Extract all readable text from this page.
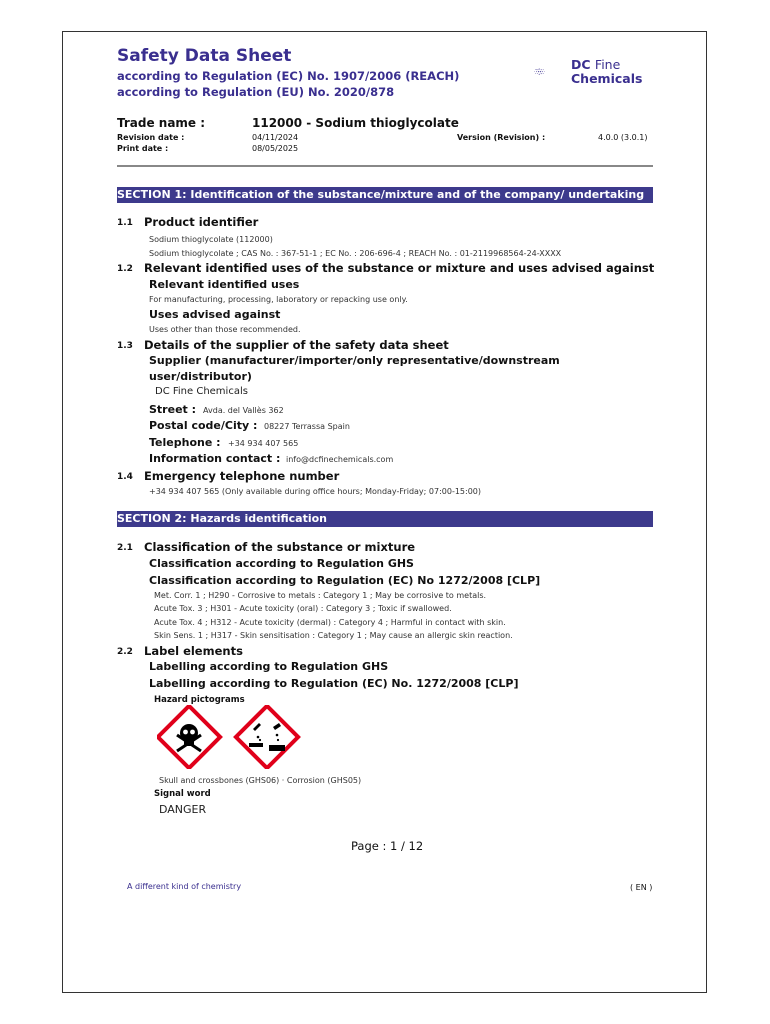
Safety Data Sheet
according to Regulation (EC) No. 1907/2006 (REACH)
according to Regulation (EU) No. 2020/878
DC Fine
Chemicals
Trade name :	112000 - Sodium thioglycolate
Revision date :	04/11/2024
Print date :	08/05/2025
Version (Revision) :	4.0.0 (3.0.1)
SECTION 1: Identification of the substance/mixture and of the company/ undertaking
1.1 Product identifier
Sodium thioglycolate (112000)
Sodium thioglycolate ; CAS No. : 367-51-1 ; EC No. : 206-696-4 ; REACH No. : 01-2119968564-24-XXXX
1.2 Relevant identified uses of the substance or mixture and uses advised against
Relevant identified uses
For manufacturing, processing, laboratory or repacking use only.
Uses advised against
Uses other than those recommended.
1.3 Details of the supplier of the safety data sheet
Supplier (manufacturer/importer/only representative/downstream
user/distributor)
DC Fine Chemicals
Street : Avda. del Vallès 362
Postal code/City : 08227 Terrassa Spain
Telephone : +34 934 407 565
Information contact : info@dcfinechemicals.com
1.4 Emergency telephone number
+34 934 407 565 (Only available during office hours; Monday-Friday; 07:00-15:00)
SECTION 2: Hazards identification
2.1 Classification of the substance or mixture
Classification according to Regulation GHS
Classification according to Regulation (EC) No 1272/2008 [CLP]
Met. Corr. 1 ; H290 - Corrosive to metals : Category 1 ; May be corrosive to metals.
Acute Tox. 3 ; H301 - Acute toxicity (oral) : Category 3 ; Toxic if swallowed.
Acute Tox. 4 ; H312 - Acute toxicity (dermal) : Category 4 ; Harmful in contact with skin.
Skin Sens. 1 ; H317 - Skin sensitisation : Category 1 ; May cause an allergic skin reaction.
2.2 Label elements
Labelling according to Regulation GHS
Labelling according to Regulation (EC) No. 1272/2008 [CLP]
Hazard pictograms
Skull and crossbones (GHS06) · Corrosion (GHS05)
Signal word
DANGER
Page : 1 / 12
A different kind of chemistry	( EN )
